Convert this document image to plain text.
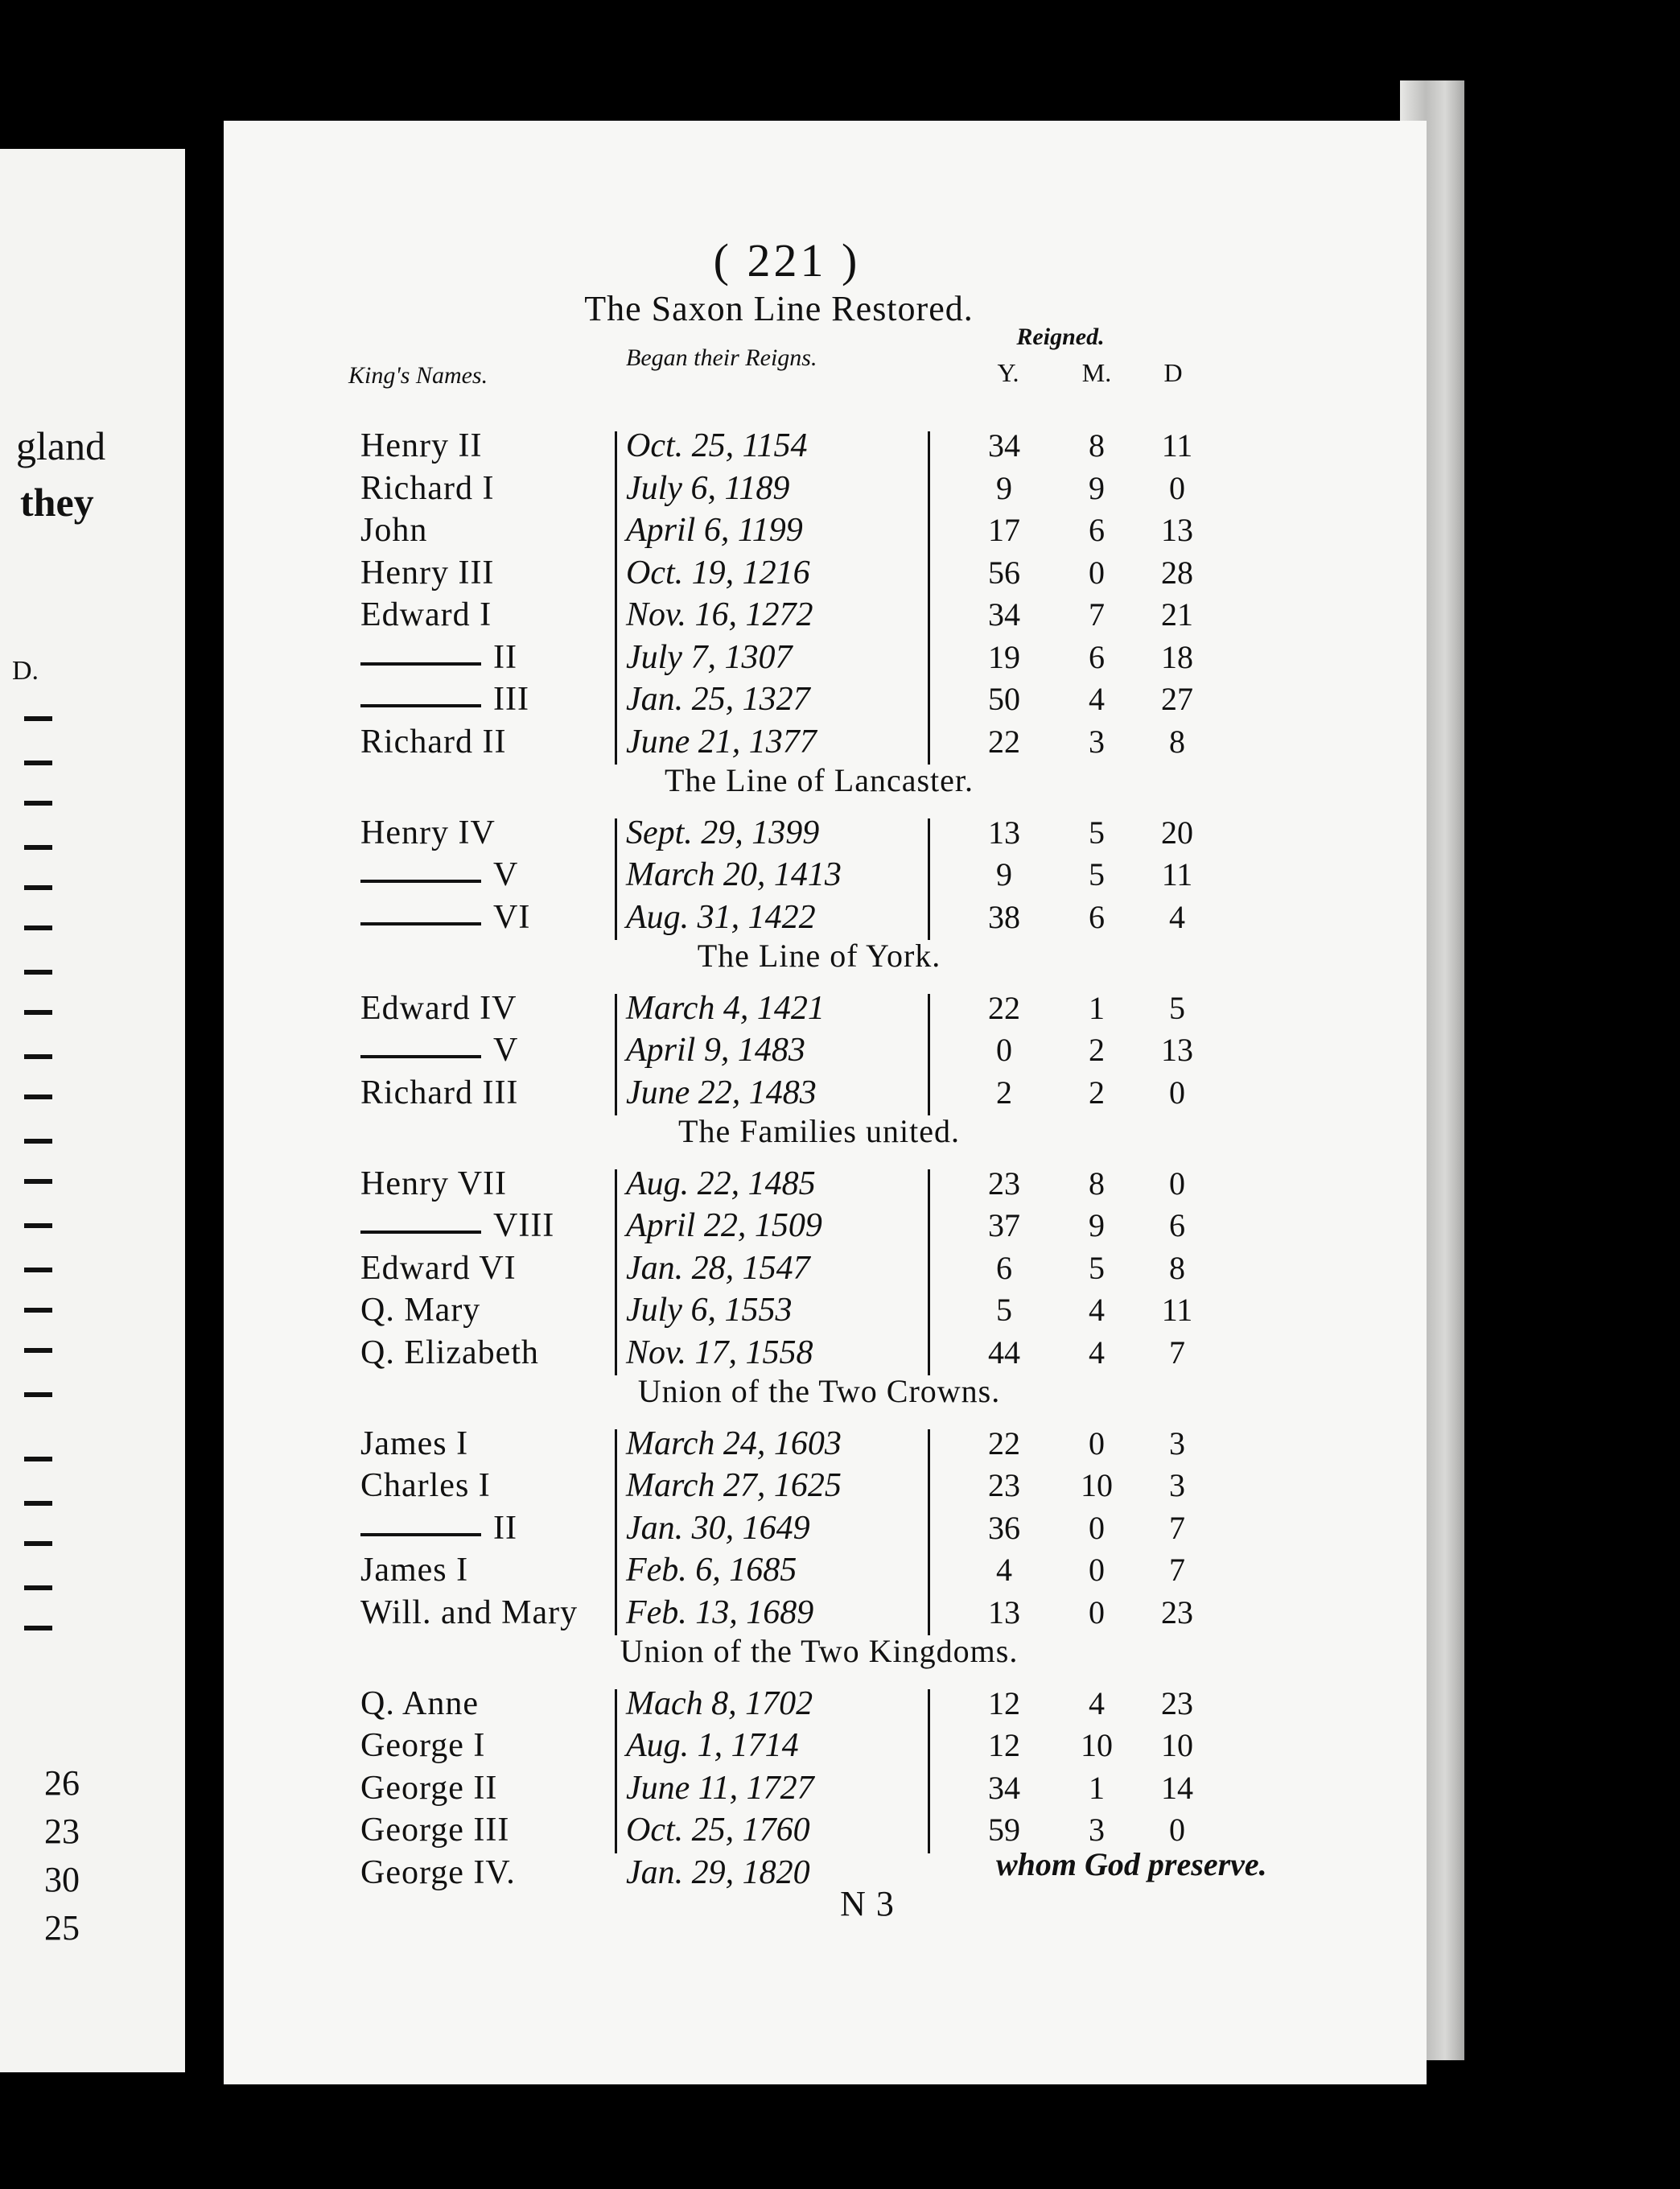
gland
they
D.
26
23
30
25
( 221 )
The Saxon Line Restored.
King's Names.
Began their Reigns.
Reigned.
Y. M. D
Henry II	Oct. 25, 1154	34 8 11
Richard I	July 6, 1189	9 9 0
John	April 6, 1199	17 6 13
Henry III	Oct. 19, 1216	56 0 28
Edward I	Nov. 16, 1272	34 7 21
II	July 7, 1307	19 6 18
III	Jan. 25, 1327	50 4 27
Richard II	June 21, 1377	22 3 8
The Line of Lancaster.
Henry IV	Sept. 29, 1399	13 5 20
V	March 20, 1413	9 5 11
VI	Aug. 31, 1422	38 6 4
The Line of York.
Edward IV	March 4, 1421	22 1 5
V	April 9, 1483	0 2 13
Richard III	June 22, 1483	2 2 0
The Families united.
Henry VII	Aug. 22, 1485	23 8 0
VIII April 22, 1509	37 9 6
Edward VI	Jan. 28, 1547	6 5 8
Q. Mary	July 6, 1553	5 4 11
Q. Elizabeth	Nov. 17, 1558	44 4 7
Union of the Two Crowns.
James I	March 24, 1603	22 0 3
Charles I	March 27, 1625	23 10 3
II	Jan. 30, 1649	36 0 7
James I	Feb. 6, 1685	4 0 7
Will. and Mary Feb. 13, 1689	13 0 23
Union of the Two Kingdoms.
Q. Anne	Mach 8, 1702	12 4 23
George I	Aug. 1, 1714	12 10 10
George II	June 11, 1727	34 1 14
George III	Oct. 25, 1760	59 3 0
George IV.	Jan. 29, 1820	whom God preserve.
N 3
